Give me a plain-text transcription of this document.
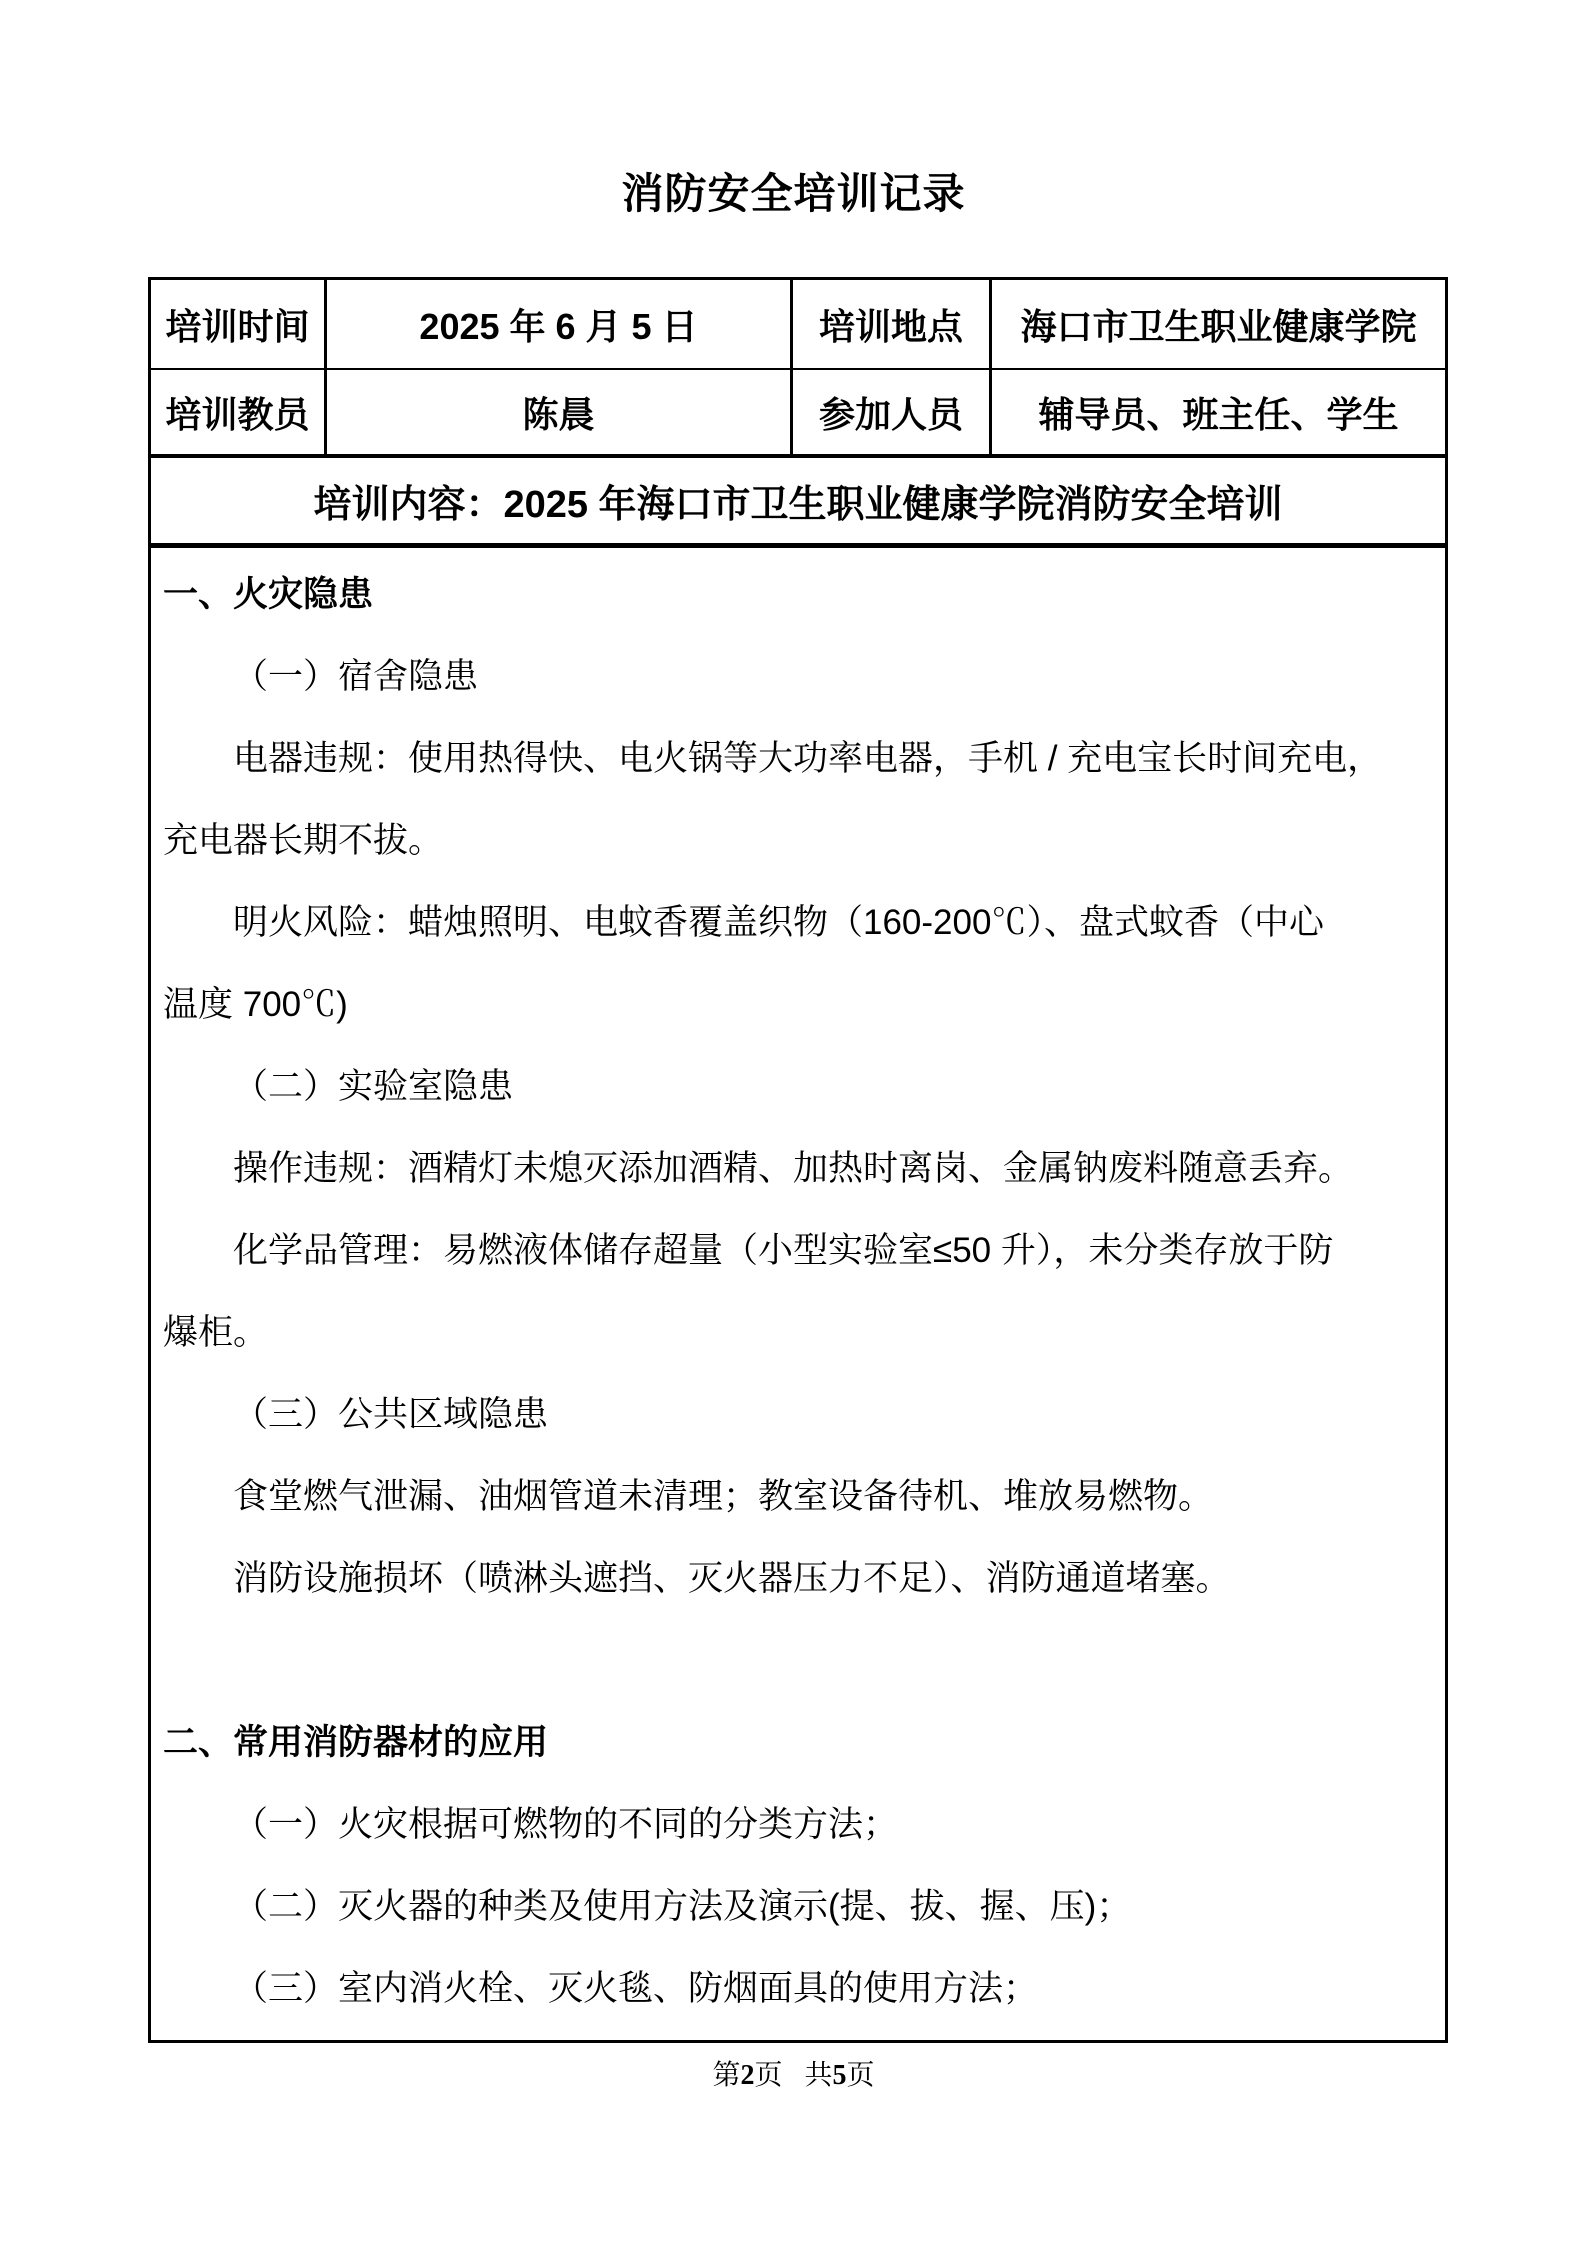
消防安全培训记录
培训时间	2025 年 6 月 5 日	培训地点	海口市卫生职业健康学院
培训教员	陈晨	参加人员	辅导员、班主任、学生
培训内容：2025 年海口市卫生职业健康学院消防安全培训

一、火灾隐患

（一）宿舍隐患

电器违规：使用热得快、电火锅等大功率电器，手机 / 充电宝长时间充电，

充电器长期不拔。

明火风险：蜡烛照明、电蚊香覆盖织物（160-200℃）、盘式蚊香（中心

温度 700℃)

（二）实验室隐患

操作违规：酒精灯未熄灭添加酒精、加热时离岗、金属钠废料随意丢弃。

化学品管理：易燃液体储存超量（小型实验室≤50 升），未分类存放于防

爆柜。

（三）公共区域隐患

食堂燃气泄漏、油烟管道未清理；教室设备待机、堆放易燃物。

消防设施损坏（喷淋头遮挡、灭火器压力不足）、消防通道堵塞。

二、常用消防器材的应用

（一）火灾根据可燃物的不同的分类方法；

（二）灭火器的种类及使用方法及演示(提、拔、握、压)；

（三）室内消火栓、灭火毯、防烟面具的使用方法；

第2页 共5页
